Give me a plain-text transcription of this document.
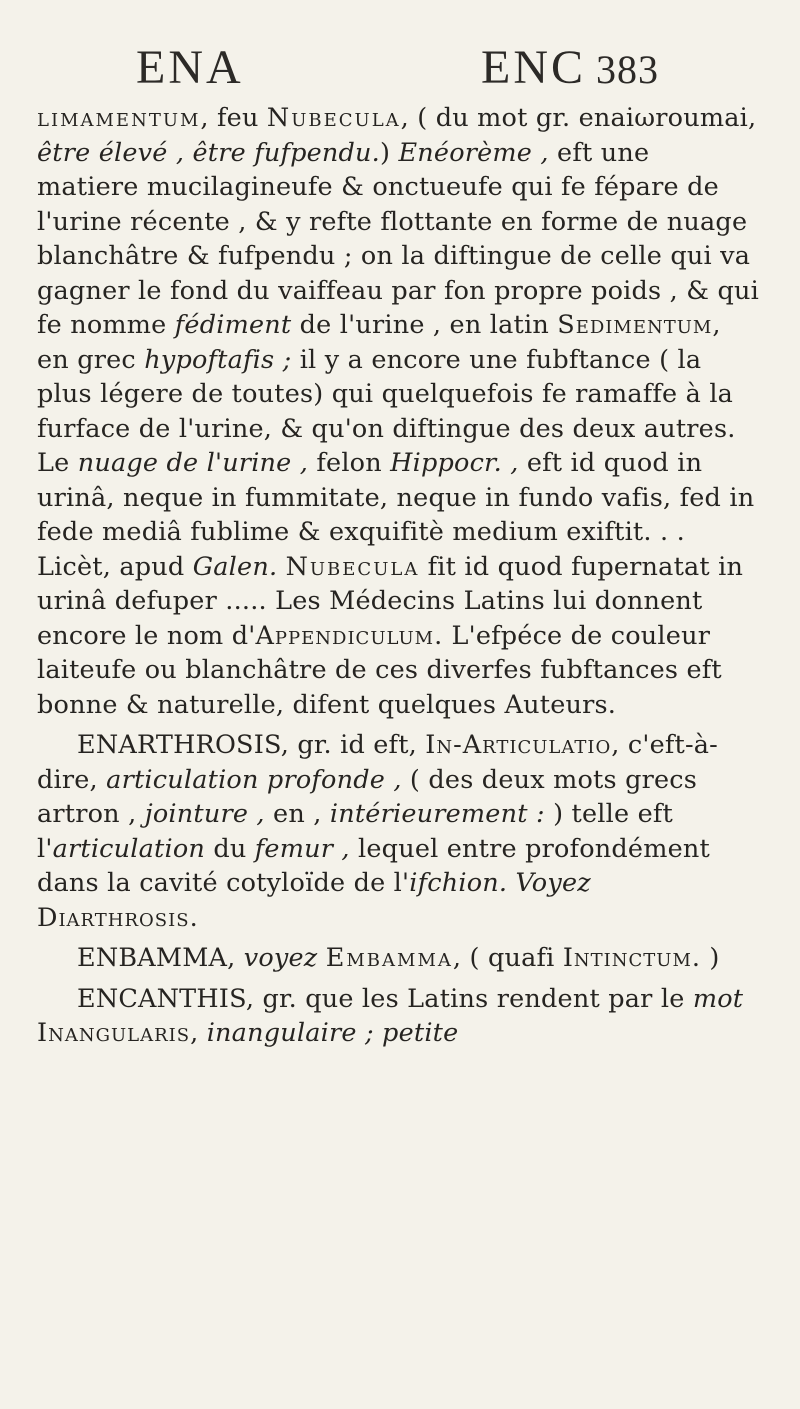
ENA	ENC 383

limamentum, feu Nubecula, ( du mot gr. enaiωroumai, être élevé , être fufpendu.) Enéorème , eft une matiere mucilagineufe & onctueufe qui fe fépare de l'urine récente , & y refte flottante en forme de nuage blanchâtre & fufpendu ; on la diftingue de celle qui va gagner le fond du vaiffeau par fon propre poids , & qui fe nomme fédiment de l'urine , en latin Sedimentum, en grec hypoftafis ; il y a encore une fubftance ( la plus légere de toutes) qui quelquefois fe ramaffe à la furface de l'urine, & qu'on diftingue des deux autres. Le nuage de l'urine , felon Hippocr. , eft id quod in urinâ, neque in fummitate, neque in fundo vafis, fed in fede mediâ fublime & exquifitè medium exiftit. . . Licèt, apud Galen. Nubecula fit id quod fupernatat in urinâ defuper ..... Les Médecins Latins lui donnent encore le nom d'Appendiculum. L'efpéce de couleur laiteufe ou blanchâtre de ces diverfes fubftances eft bonne & naturelle, difent quelques Auteurs.

ENARTHROSIS, gr. id eft, In-Articulatio, c'eft-à-dire, articulation profonde , ( des deux mots grecs artron , jointure , en , intérieurement : ) telle eft l'articulation du femur , lequel entre profondément dans la cavité cotyloïde de l'ifchion. Voyez Diarthrosis.

ENBAMMA, voyez Embamma, ( quafi Intinctum. )

ENCANTHIS, gr. que les Latins rendent par le mot Inangularis, inangulaire ; petite
